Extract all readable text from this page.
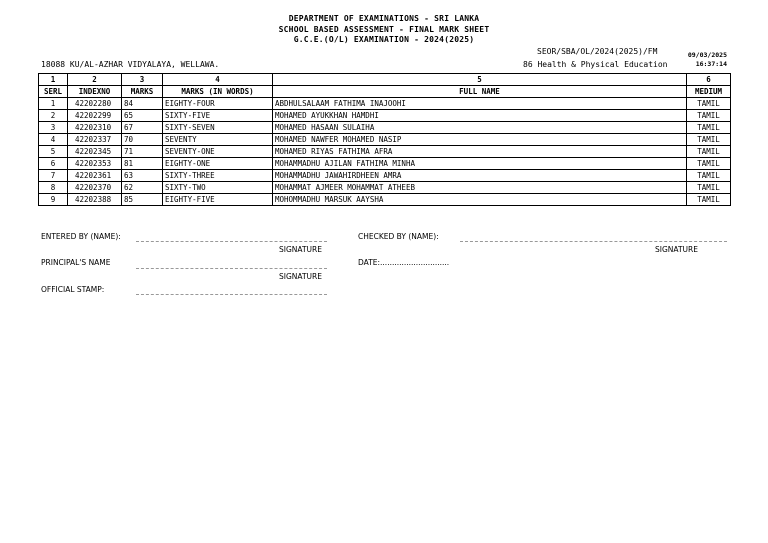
DEPARTMENT OF EXAMINATIONS - SRI LANKA
SCHOOL BASED ASSESSMENT - FINAL MARK SHEET
G.C.E.(O/L) EXAMINATION - 2024(2025)
SEOR/SBA/OL/2024(2025)/FM	09/03/2025
16:37:14
18088 KU/AL-AZHAR VIDYALAYA, WELLAWA.	86 Health & Physical Education
1	2	3	4	5	6
SERL	INDEXNO	MARKS	MARKS (IN WORDS)	FULL NAME	MEDIUM
1	42202280	84	EIGHTY-FOUR	ABDHULSALAAM FATHIMA INAJOOHI	TAMIL
2	42202299	65	SIXTY-FIVE	MOHAMED AYUKKHAN HAMDHI	TAMIL
3	42202310	67	SIXTY-SEVEN	MOHAMED HASAAN SULAIHA	TAMIL
4	42202337	70	SEVENTY	MOHAMED NAWFER MOHAMED NASIP	TAMIL
5	42202345	71	SEVENTY-ONE	MOHAMED RIYAS FATHIMA AFRA	TAMIL
6	42202353	81	EIGHTY-ONE	MOHAMMADHU AJILAN FATHIMA MINHA	TAMIL
7	42202361	63	SIXTY-THREE	MOHAMMADHU JAWAHIRDHEEN AMRA	TAMIL
8	42202370	62	SIXTY-TWO	MOHAMMAT AJMEER MOHAMMAT ATHEEB	TAMIL
9	42202388	85	EIGHTY-FIVE	MOHOMMADHU MARSUK AAYSHA	TAMIL
ENTERED BY (NAME):
SIGNATURE
CHECKED BY (NAME):
SIGNATURE
PRINCIPAL'S NAME
SIGNATURE
DATE:.............................
OFFICIAL STAMP:
